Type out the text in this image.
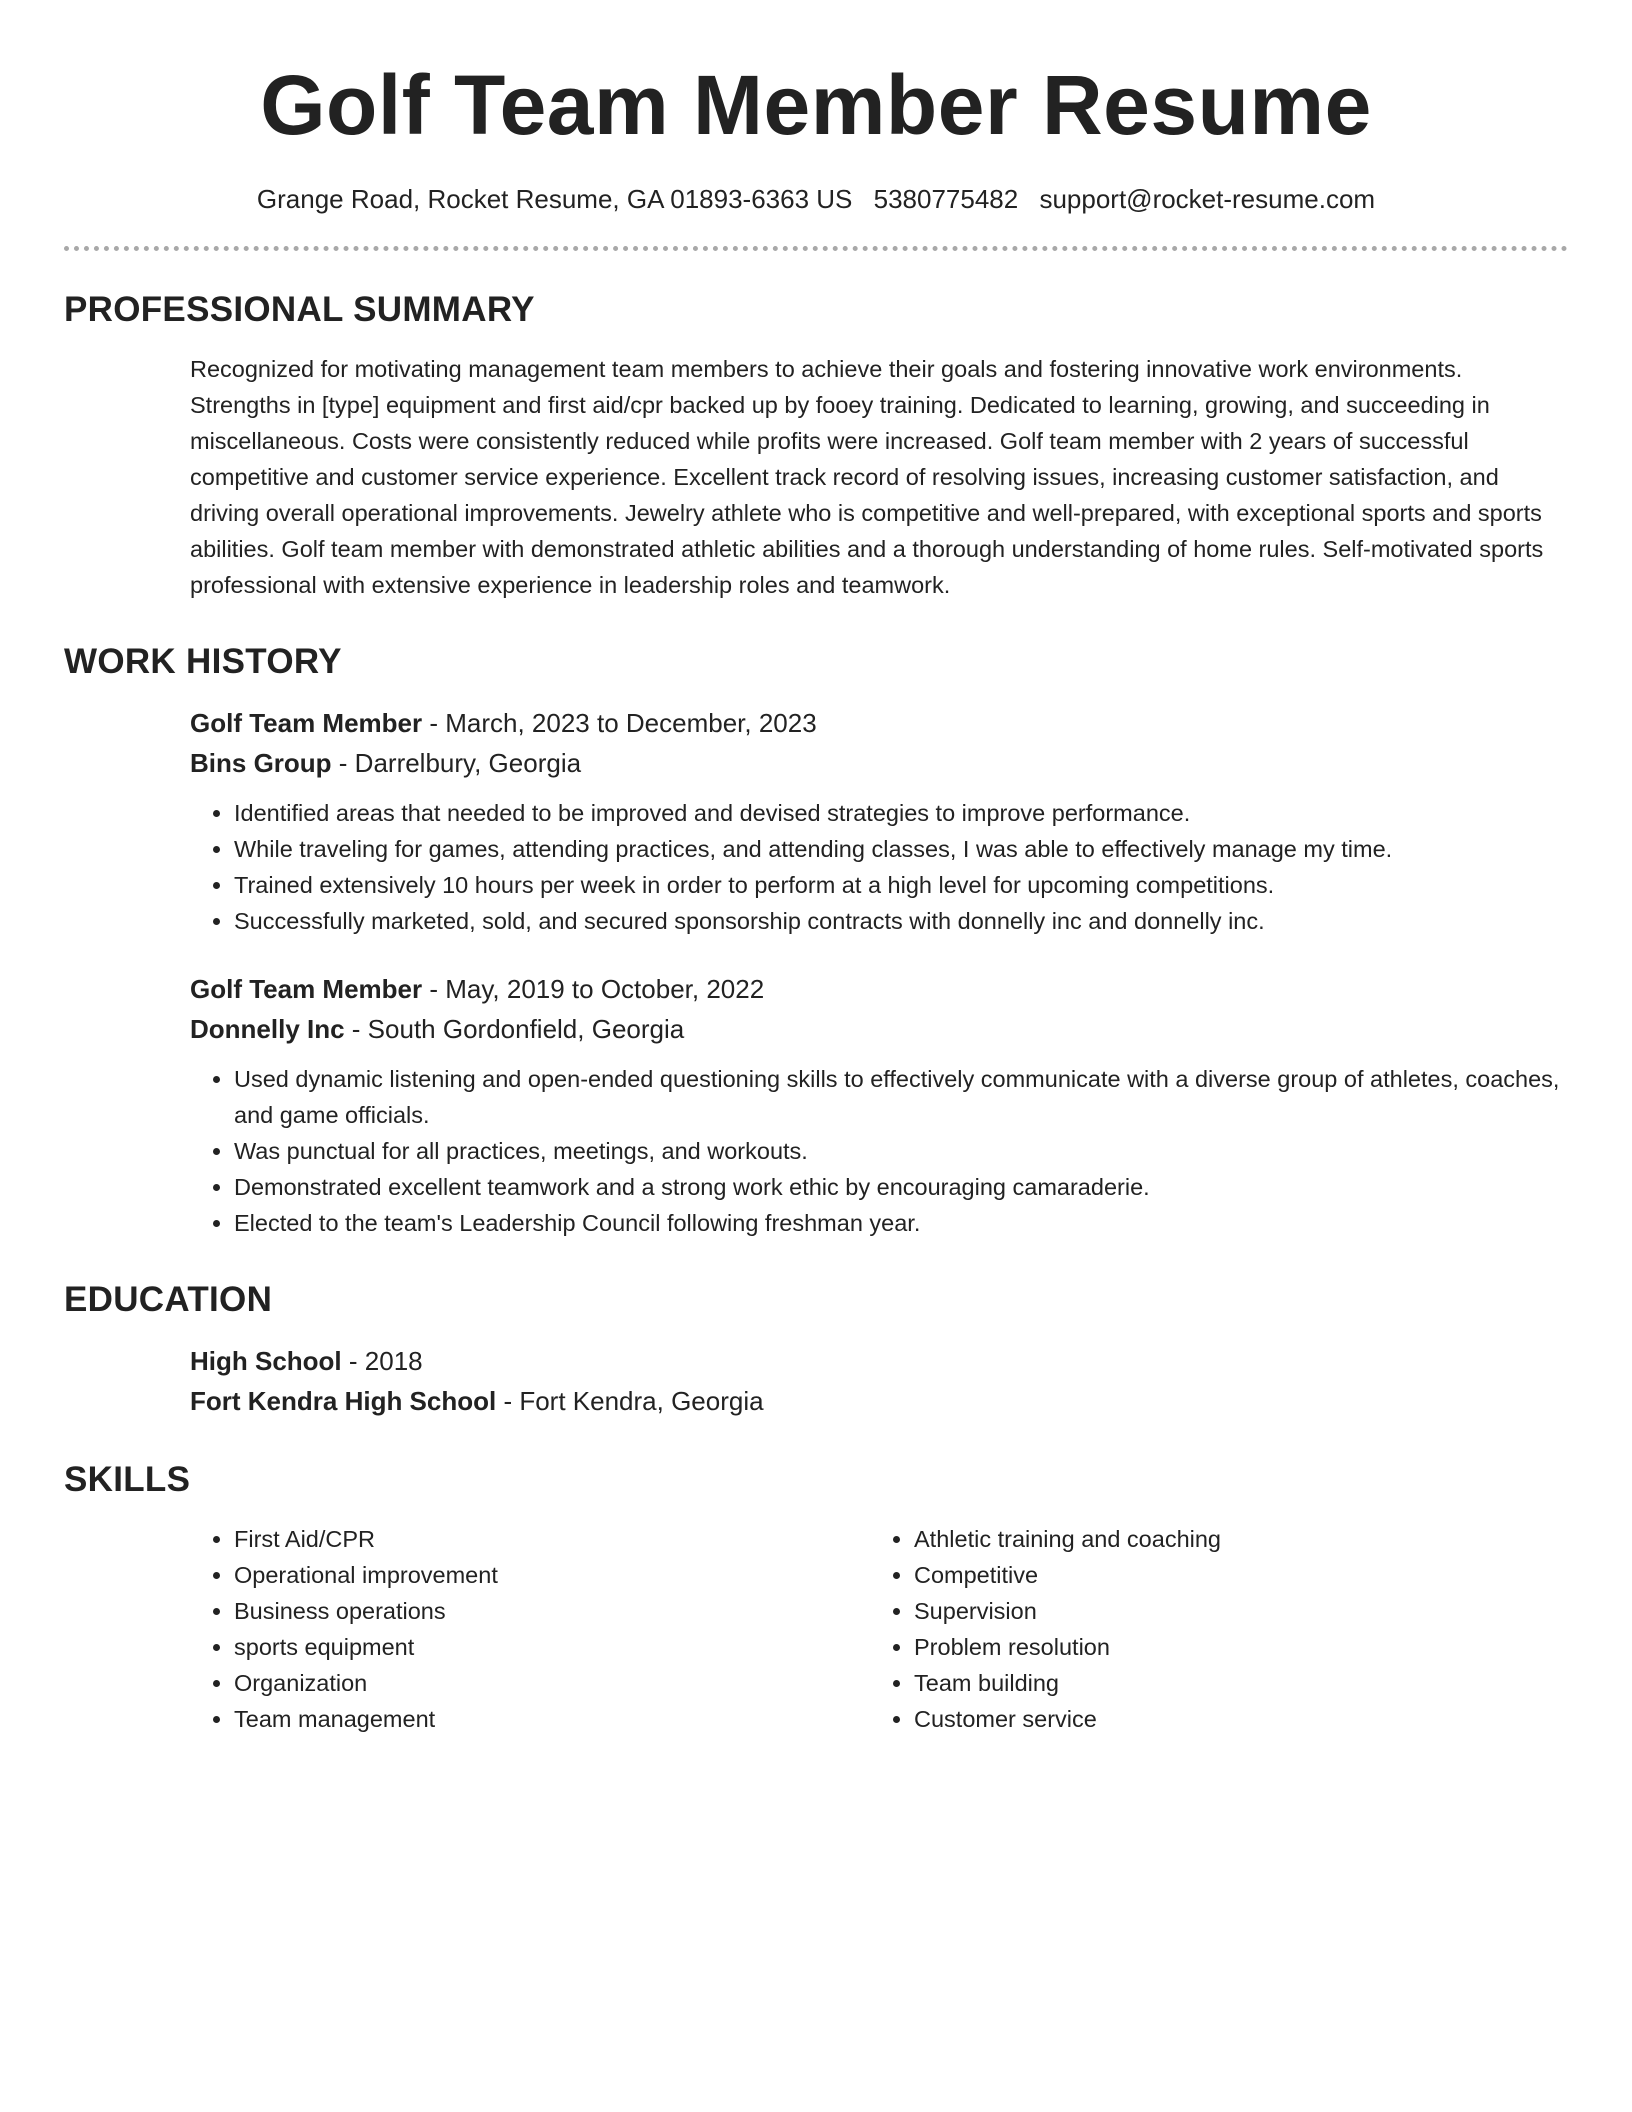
Golf Team Member Resume
Grange Road, Rocket Resume, GA 01893-6363 US 5380775482 support@rocket-resume.com
PROFESSIONAL SUMMARY

Recognized for motivating management team members to achieve their goals and fostering innovative work environments. Strengths in [type] equipment and first aid/cpr backed up by fooey training. Dedicated to learning, growing, and succeeding in miscellaneous. Costs were consistently reduced while profits were increased. Golf team member with 2 years of successful competitive and customer service experience. Excellent track record of resolving issues, increasing customer satisfaction, and driving overall operational improvements. Jewelry athlete who is competitive and well-prepared, with exceptional sports and sports abilities. Golf team member with demonstrated athletic abilities and a thorough understanding of home rules. Self-motivated sports professional with extensive experience in leadership roles and teamwork.

WORK HISTORY
Golf Team Member - March, 2023 to December, 2023
Bins Group - Darrelbury, Georgia
• Identified areas that needed to be improved and devised strategies to improve performance.
• While traveling for games, attending practices, and attending classes, I was able to effectively manage my time.
• Trained extensively 10 hours per week in order to perform at a high level for upcoming competitions.
• Successfully marketed, sold, and secured sponsorship contracts with donnelly inc and donnelly inc.
Golf Team Member - May, 2019 to October, 2022
Donnelly Inc - South Gordonfield, Georgia
• Used dynamic listening and open-ended questioning skills to effectively communicate with a diverse group of athletes, coaches, and game officials.
• Was punctual for all practices, meetings, and workouts.
• Demonstrated excellent teamwork and a strong work ethic by encouraging camaraderie.
• Elected to the team's Leadership Council following freshman year.
EDUCATION
High School - 2018
Fort Kendra High School - Fort Kendra, Georgia
SKILLS
• First Aid/CPR
• Operational improvement
• Business operations
• sports equipment
• Organization
• Team management
• Athletic training and coaching
• Competitive
• Supervision
• Problem resolution
• Team building
• Customer service
